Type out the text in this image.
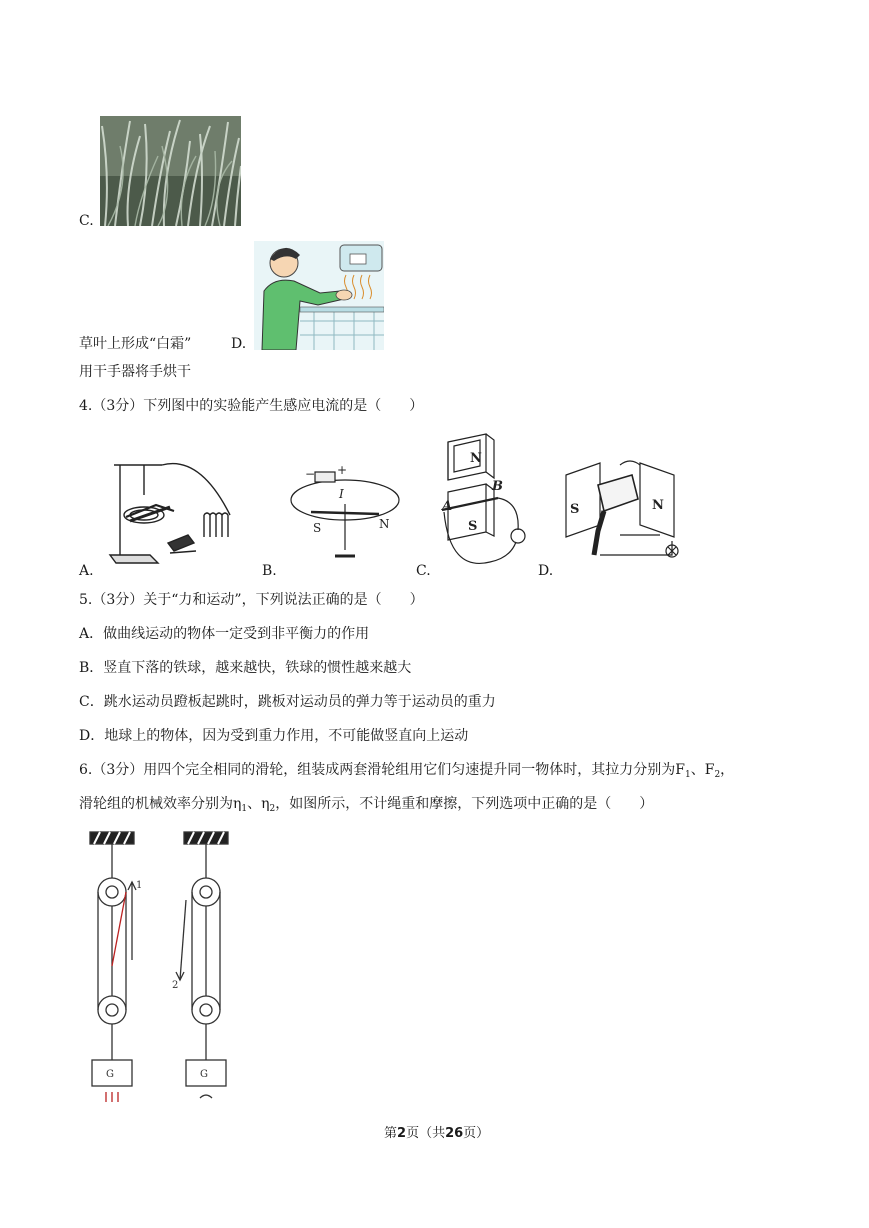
C.
草叶上形成“白霜”	D.
用干手器将手烘干
4.（3分）下列图中的实验能产生感应电流的是（　　）
A.
− +
I
S	N
B.
N
S
A
B
C.
S	N
D.
5.（3分）关于“力和运动”，下列说法正确的是（　　）
A．做曲线运动的物体一定受到非平衡力的作用
B．竖直下落的铁球，越来越快，铁球的惯性越来越大
C．跳水运动员蹬板起跳时，跳板对运动员的弹力等于运动员的重力
D．地球上的物体，因为受到重力作用，不可能做竖直向上运动
6.（3分）用四个完全相同的滑轮，组装成两套滑轮组用它们匀速提升同一物体时，其拉力分别为$F_1$、$F_2$，
滑轮组的机械效率分别为$\eta_1$、$\eta_2$，如图所示，不计绳重和摩擦，下列选项中正确的是（　　）
1
G
2
G
第2页（共26页）
